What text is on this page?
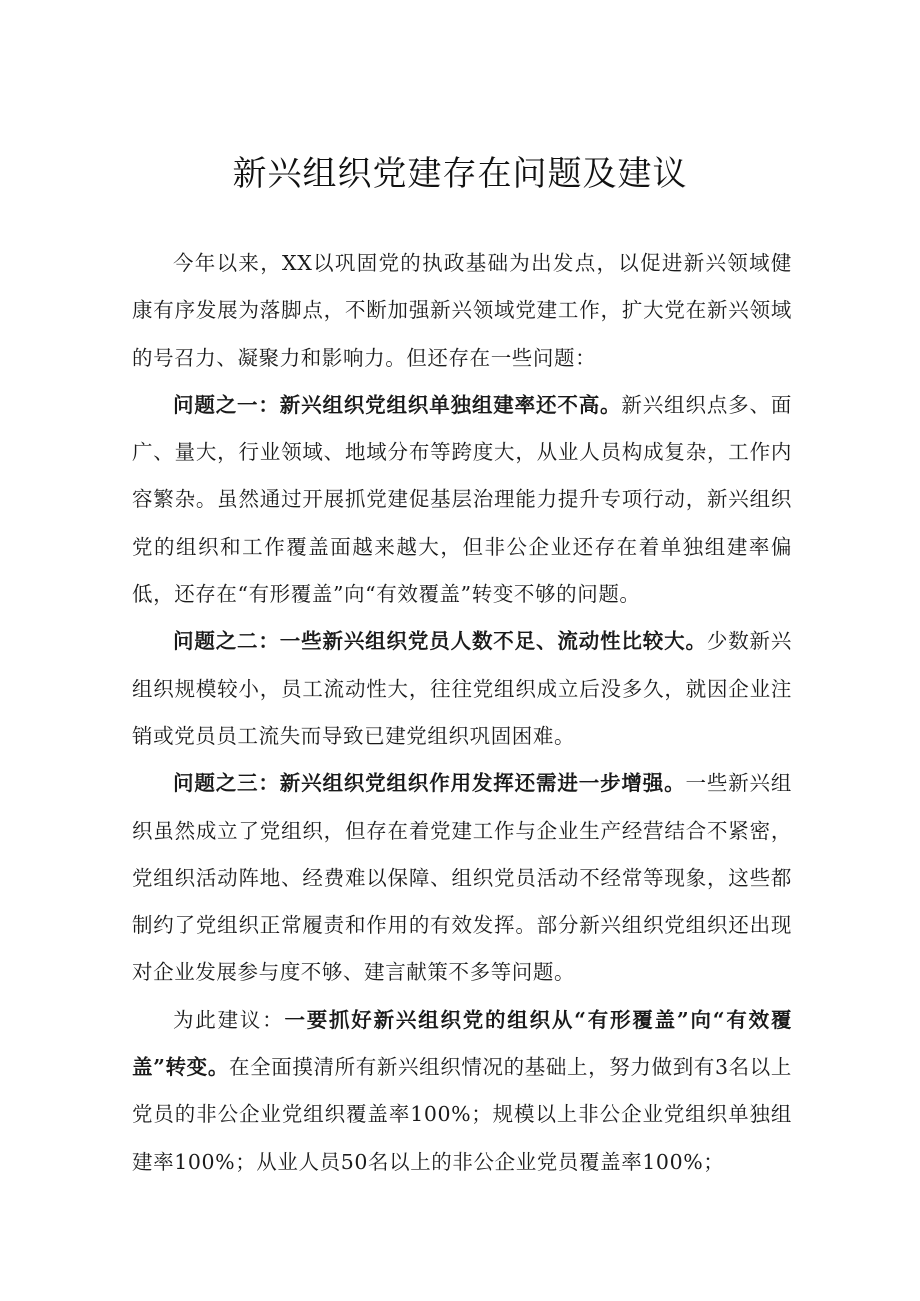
新兴组织党建存在问题及建议

今年以来，XX以巩固党的执政基础为出发点，以促进新兴领域健康有序发展为落脚点，不断加强新兴领域党建工作，扩大党在新兴领域的号召力、凝聚力和影响力。但还存在一些问题：

问题之一：新兴组织党组织单独组建率还不高。新兴组织点多、面广、量大，行业领域、地域分布等跨度大，从业人员构成复杂，工作内容繁杂。虽然通过开展抓党建促基层治理能力提升专项行动，新兴组织党的组织和工作覆盖面越来越大，但非公企业还存在着单独组建率偏低，还存在“有形覆盖”向“有效覆盖”转变不够的问题。

问题之二：一些新兴组织党员人数不足、流动性比较大。少数新兴组织规模较小，员工流动性大，往往党组织成立后没多久，就因企业注销或党员员工流失而导致已建党组织巩固困难。

问题之三：新兴组织党组织作用发挥还需进一步增强。一些新兴组织虽然成立了党组织，但存在着党建工作与企业生产经营结合不紧密，党组织活动阵地、经费难以保障、组织党员活动不经常等现象，这些都制约了党组织正常履责和作用的有效发挥。部分新兴组织党组织还出现对企业发展参与度不够、建言献策不多等问题。

为此建议：一要抓好新兴组织党的组织从“有形覆盖”向“有效覆盖”转变。在全面摸清所有新兴组织情况的基础上，努力做到有3名以上党员的非公企业党组织覆盖率100%；规模以上非公企业党组织单独组建率100%；从业人员50名以上的非公企业党员覆盖率100%；
